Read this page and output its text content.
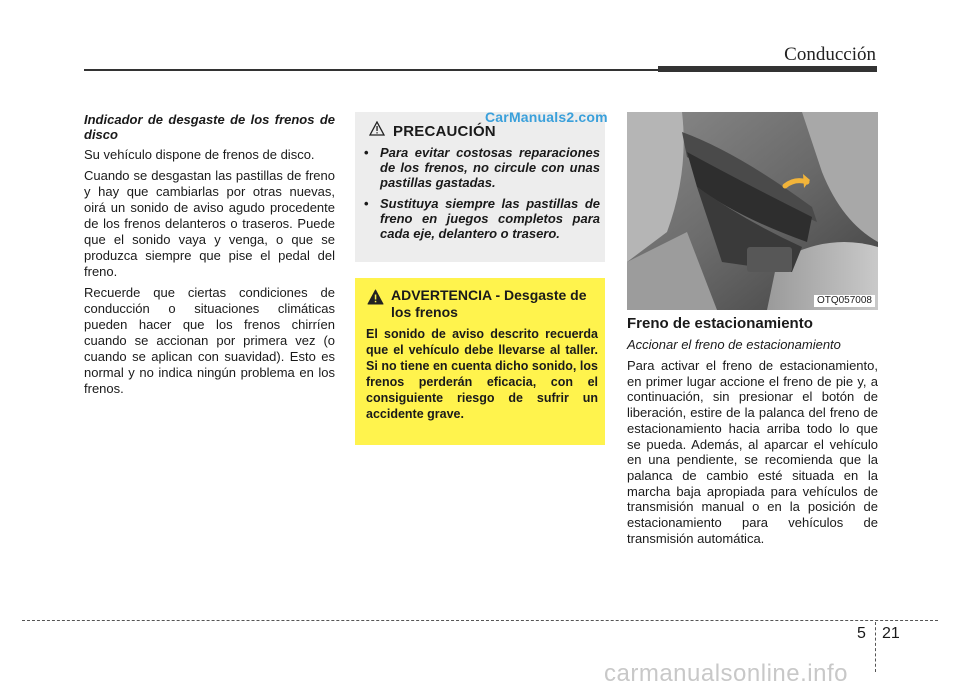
Conducción

Indicador de desgaste de los frenos de disco

Su vehículo dispone de frenos de disco.

Cuando se desgastan las pastillas de freno y hay que cambiarlas por otras nuevas, oirá un sonido de aviso agudo procedente de los frenos delanteros o traseros. Puede que el sonido vaya y venga, o que se produzca siempre que pise el pedal del freno.

Recuerde que ciertas condiciones de conducción o situaciones climáticas pueden hacer que los frenos chirríen cuando se accionan por primera vez (o cuando se aplican con suavidad). Esto es normal y no indica ningún problema en los frenos.

PRECAUCIÓN
• Para evitar costosas reparaciones de los frenos, no circule con unas pastillas gastadas.
• Sustituya siempre las pastillas de freno en juegos completos para cada eje, delantero o trasero.
CarManuals2.com
ADVERTENCIA - Desgaste de los frenos
El sonido de aviso descrito recuerda que el vehículo debe llevarse al taller. Si no tiene en cuenta dicho sonido, los frenos perderán eficacia, con el consiguiente riesgo de sufrir un accidente grave.
OTQ057008

Freno de estacionamiento

Accionar el freno de estacionamiento

Para activar el freno de estacionamiento, en primer lugar accione el freno de pie y, a continuación, sin presionar el botón de liberación, estire de la palanca del freno de estacionamiento hacia arriba todo lo que se pueda. Además, al aparcar el vehículo en una pendiente, se recomienda que la palanca de cambio esté situada en la marcha baja apropiada para vehículos de transmisión manual o en la posición de estacionamiento para vehículos de transmisión automática.

5 21
carmanualsonline.info
